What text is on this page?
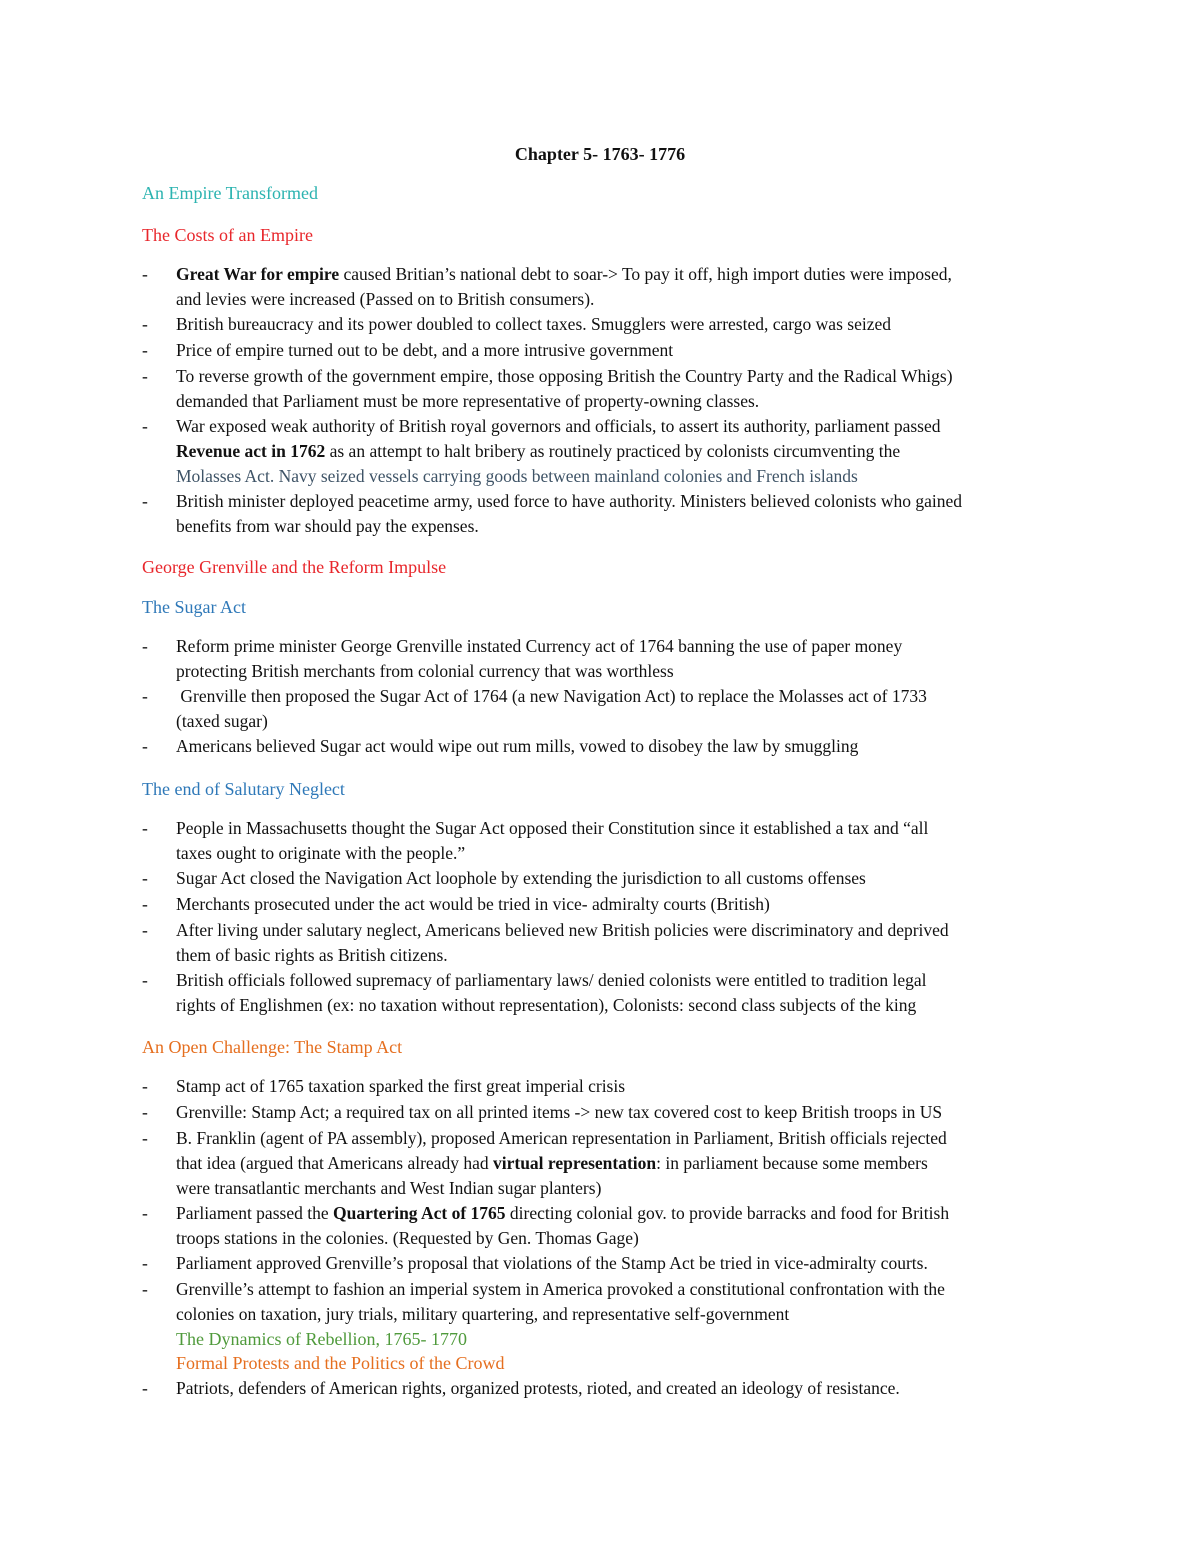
Chapter 5- 1763- 1776
An Empire Transformed
The Costs of an Empire
-	Great War for empire caused Britian’s national debt to soar-> To pay it off, high import duties were imposed,
and levies were increased (Passed on to British consumers).
-	British bureaucracy and its power doubled to collect taxes. Smugglers were arrested, cargo was seized
-	Price of empire turned out to be debt, and a more intrusive government
-	To reverse growth of the government empire, those opposing British the Country Party and the Radical Whigs)
demanded that Parliament must be more representative of property-owning classes.
-	War exposed weak authority of British royal governors and officials, to assert its authority, parliament passed
Revenue act in 1762 as an attempt to halt bribery as routinely practiced by colonists circumventing the
Molasses Act. Navy seized vessels carrying goods between mainland colonies and French islands
-	British minister deployed peacetime army, used force to have authority. Ministers believed colonists who gained
benefits from war should pay the expenses.
George Grenville and the Reform Impulse
The Sugar Act
-	Reform prime minister George Grenville instated Currency act of 1764 banning the use of paper money
protecting British merchants from colonial currency that was worthless
-	Grenville then proposed the Sugar Act of 1764 (a new Navigation Act) to replace the Molasses act of 1733
(taxed sugar)
-	Americans believed Sugar act would wipe out rum mills, vowed to disobey the law by smuggling
The end of Salutary Neglect
-	People in Massachusetts thought the Sugar Act opposed their Constitution since it established a tax and “all
taxes ought to originate with the people.”
-	Sugar Act closed the Navigation Act loophole by extending the jurisdiction to all customs offenses
-	Merchants prosecuted under the act would be tried in vice- admiralty courts (British)
-	After living under salutary neglect, Americans believed new British policies were discriminatory and deprived
them of basic rights as British citizens.
-	British officials followed supremacy of parliamentary laws/ denied colonists were entitled to tradition legal
rights of Englishmen (ex: no taxation without representation), Colonists: second class subjects of the king
An Open Challenge: The Stamp Act
-	Stamp act of 1765 taxation sparked the first great imperial crisis
-	Grenville: Stamp Act; a required tax on all printed items -> new tax covered cost to keep British troops in US
-	B. Franklin (agent of PA assembly), proposed American representation in Parliament, British officials rejected
that idea (argued that Americans already had virtual representation: in parliament because some members
were transatlantic merchants and West Indian sugar planters)
-	Parliament passed the Quartering Act of 1765 directing colonial gov. to provide barracks and food for British
troops stations in the colonies. (Requested by Gen. Thomas Gage)
-	Parliament approved Grenville’s proposal that violations of the Stamp Act be tried in vice-admiralty courts.
-	Grenville’s attempt to fashion an imperial system in America provoked a constitutional confrontation with the
colonies on taxation, jury trials, military quartering, and representative self-government
The Dynamics of Rebellion, 1765- 1770
Formal Protests and the Politics of the Crowd
-	Patriots, defenders of American rights, organized protests, rioted, and created an ideology of resistance.
